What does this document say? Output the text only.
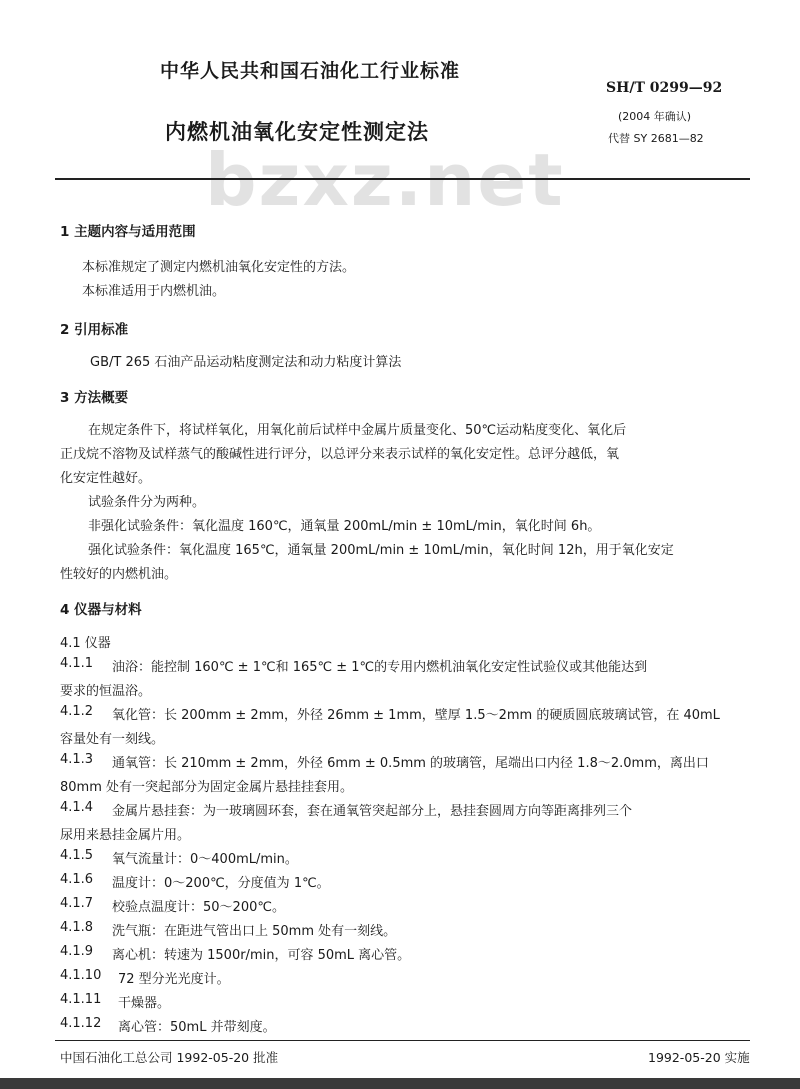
bzxz.net
中华人民共和国石油化工行业标准
内燃机油氧化安定性测定法
SH/T 0299—92
(2004 年确认)
代替 SY 2681—82
1 主题内容与适用范围
本标准规定了测定内燃机油氧化安定性的方法。
本标准适用于内燃机油。
2 引用标准
GB/T 265 石油产品运动粘度测定法和动力粘度计算法
3 方法概要
在规定条件下，将试样氧化，用氧化前后试样中金属片质量变化、50℃运动粘度变化、氧化后
正戊烷不溶物及试样蒸气的酸碱性进行评分，以总评分来表示试样的氧化安定性。总评分越低，氧
化安定性越好。
试验条件分为两种。
非强化试验条件：氧化温度 160℃，通氧量 200mL/min ± 10mL/min，氧化时间 6h。
强化试验条件：氧化温度 165℃，通氧量 200mL/min ± 10mL/min，氧化时间 12h，用于氧化安定
性较好的内燃机油。
4 仪器与材料
4.1 仪器
4.1.1 油浴：能控制 160℃ ± 1℃和 165℃ ± 1℃的专用内燃机油氧化安定性试验仪或其他能达到
要求的恒温浴。
4.1.2 氧化管：长 200mm ± 2mm，外径 26mm ± 1mm，壁厚 1.5～2mm 的硬质圆底玻璃试管，在 40mL
容量处有一刻线。
4.1.3 通氧管：长 210mm ± 2mm，外径 6mm ± 0.5mm 的玻璃管，尾端出口内径 1.8～2.0mm，离出口
80mm 处有一突起部分为固定金属片悬挂挂套用。
4.1.4 金属片悬挂套：为一玻璃圆环套，套在通氧管突起部分上，悬挂套圆周方向等距离排列三个
尿用来悬挂金属片用。
4.1.5 氧气流量计：0～400mL/min。
4.1.6 温度计：0～200℃，分度值为 1℃。
4.1.7 校验点温度计：50～200℃。
4.1.8 洗气瓶：在距进气管出口上 50mm 处有一刻线。
4.1.9 离心机：转速为 1500r/min，可容 50mL 离心管。
4.1.10 72 型分光光度计。
4.1.11 干燥器。
4.1.12 离心管：50mL 并带刻度。
中国石油化工总公司 1992-05-20 批准	1992-05-20 实施
